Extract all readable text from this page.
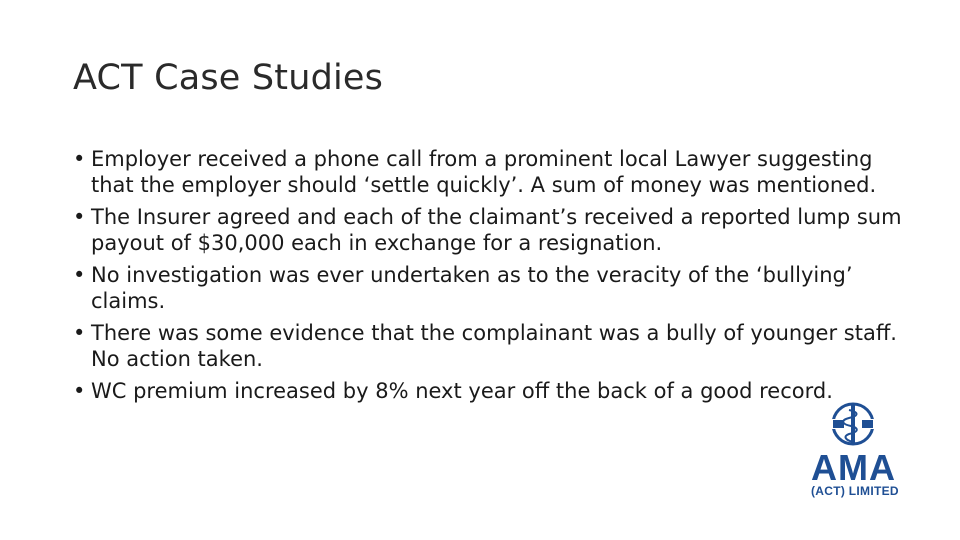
ACT Case Studies
• Employer received a phone call from a prominent local Lawyer suggesting that the employer should ‘settle quickly’. A sum of money was mentioned.
• The Insurer agreed and each of the claimant’s received a reported lump sum payout of $30,000 each in exchange for a resignation.
• No investigation was ever undertaken as to the veracity of the ‘bullying’ claims.
• There was some evidence that the complainant was a bully of younger staff. No action taken.
• WC premium increased by 8% next year off the back of a good record.
AMA
(ACT) LIMITED
